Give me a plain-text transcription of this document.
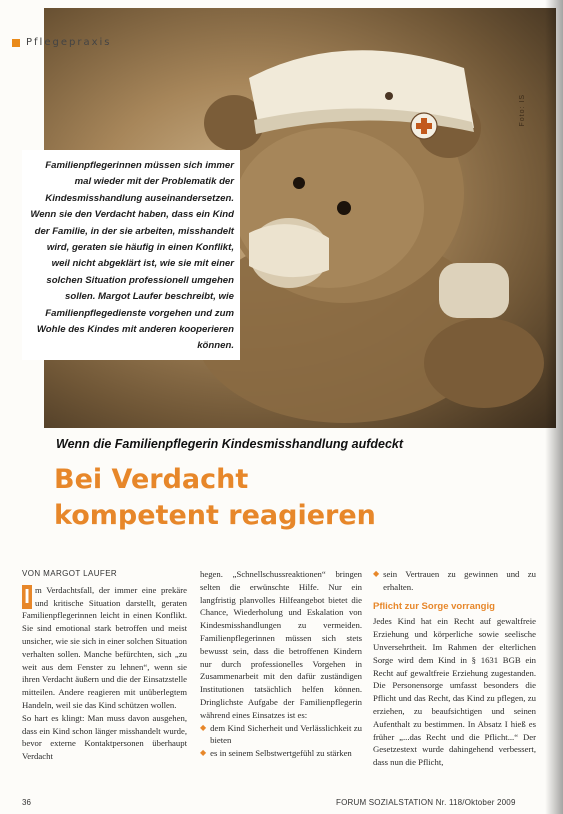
Foto: IS
Pflegepraxis

Familienpflegerinnen müssen sich immer mal wieder mit der Problematik der Kindesmisshandlung auseinandersetzen. Wenn sie den Verdacht haben, dass ein Kind der Familie, in der sie arbeiten, misshandelt wird, geraten sie häufig in einen Konflikt, weil nicht abgeklärt ist, wie sie mit einer solchen Situation professionell umgehen sollen. Margot Laufer beschreibt, wie Familienpflegedienste vorgehen und zum Wohle des Kindes mit anderen kooperieren können.

Wenn die Familienpflegerin Kindesmisshandlung aufdeckt
Bei Verdacht
kompetent reagieren
VON MARGOT LAUFER
I m Verdachtsfall, der immer eine prekäre und kritische Situation darstellt, geraten Familienpflegerinnen leicht in einen Konflikt. Sie sind emotional stark betroffen und meist unsicher, wie sie sich in einer solchen Situation verhalten sollen. Manche befürchten, sich „zu weit aus dem Fenster zu lehnen“, wenn sie ihren Verdacht äußern und die der Einsatzstelle mitteilen. Andere reagieren mit unüberlegtem Handeln, weil sie das Kind schützen wollen.

So hart es klingt: Man muss davon ausgehen, dass ein Kind schon länger misshandelt wurde, bevor externe Kontaktpersonen überhaupt Verdacht

hegen. „Schnellschussreaktionen“ bringen selten die erwünschte Hilfe. Nur ein langfristig planvolles Hilfeangebot bietet die Chance, Wiederholung und Eskalation von Kindesmisshandlungen zu vermeiden. Familienpflegerinnen müssen sich stets bewusst sein, dass die betroffenen Kindern nur durch professionelles Vorgehen in Zusammenarbeit mit den dafür zuständigen Institutionen tatsächlich helfen können. Dringlichste Aufgabe der Familienpflegerin während eines Einsatzes ist es:

◆ dem Kind Sicherheit und Verlässlichkeit zu bieten
◆ es in seinem Selbstwertgefühl zu stärken
◆ sein Vertrauen zu gewinnen und zu erhalten.
Pflicht zur Sorge vorrangig

Jedes Kind hat ein Recht auf gewaltfreie Erziehung und körperliche sowie seelische Unversehrtheit. Im Rahmen der elterlichen Sorge wird dem Kind in § 1631 BGB ein Recht auf gewaltfreie Erziehung zugestanden. Die Personensorge umfasst besonders die Pflicht und das Recht, das Kind zu pflegen, zu erziehen, zu beaufsichtigen und seinen Aufenthalt zu bestimmen. In Absatz I hieß es früher „...das Recht und die Pflicht...“ Der Gesetzestext wurde dahingehend verbessert, dass nun die Pflicht,

36	FORUM SOZIALSTATION Nr. 118/Oktober 2009
